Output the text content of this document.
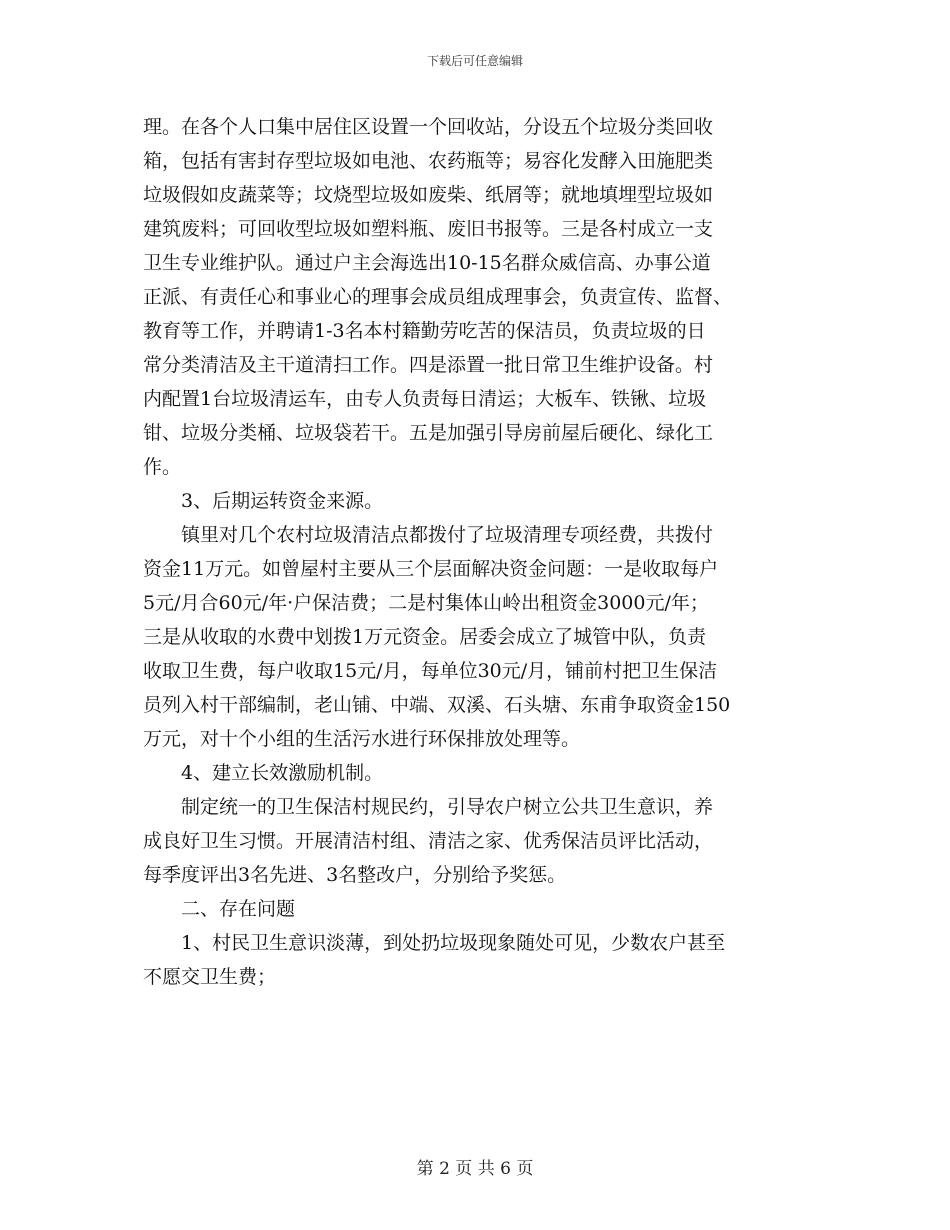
下载后可任意编辑
理。在各个人口集中居住区设置一个回收站，分设五个垃圾分类回收
箱，包括有害封存型垃圾如电池、农药瓶等；易容化发酵入田施肥类
垃圾假如皮蔬菜等；坟烧型垃圾如废柴、纸屑等；就地填埋型垃圾如
建筑废料；可回收型垃圾如塑料瓶、废旧书报等。三是各村成立一支
卫生专业维护队。通过户主会海选出10-15名群众威信高、办事公道
正派、有责任心和事业心的理事会成员组成理事会，负责宣传、监督、
教育等工作，并聘请1-3名本村籍勤劳吃苦的保洁员，负责垃圾的日
常分类清洁及主干道清扫工作。四是添置一批日常卫生维护设备。村
内配置1台垃圾清运车，由专人负责每日清运；大板车、铁锹、垃圾
钳、垃圾分类桶、垃圾袋若干。五是加强引导房前屋后硬化、绿化工
作。
　　3、后期运转资金来源。
　　镇里对几个农村垃圾清洁点都拨付了垃圾清理专项经费，共拨付
资金11万元。如曾屋村主要从三个层面解决资金问题：一是收取每户
5元/月合60元/年·户保洁费；二是村集体山岭出租资金3000元/年；
三是从收取的水费中划拨1万元资金。居委会成立了城管中队，负责
收取卫生费，每户收取15元/月，每单位30元/月，铺前村把卫生保洁
员列入村干部编制，老山铺、中端、双溪、石头塘、东甫争取资金150
万元，对十个小组的生活污水进行环保排放处理等。
　　4、建立长效激励机制。
　　制定统一的卫生保洁村规民约，引导农户树立公共卫生意识，养
成良好卫生习惯。开展清洁村组、清洁之家、优秀保洁员评比活动，
每季度评出3名先进、3名整改户，分别给予奖惩。
　　二、存在问题
　　1、村民卫生意识淡薄，到处扔垃圾现象随处可见，少数农户甚至
不愿交卫生费；
第 2 页 共 6 页
